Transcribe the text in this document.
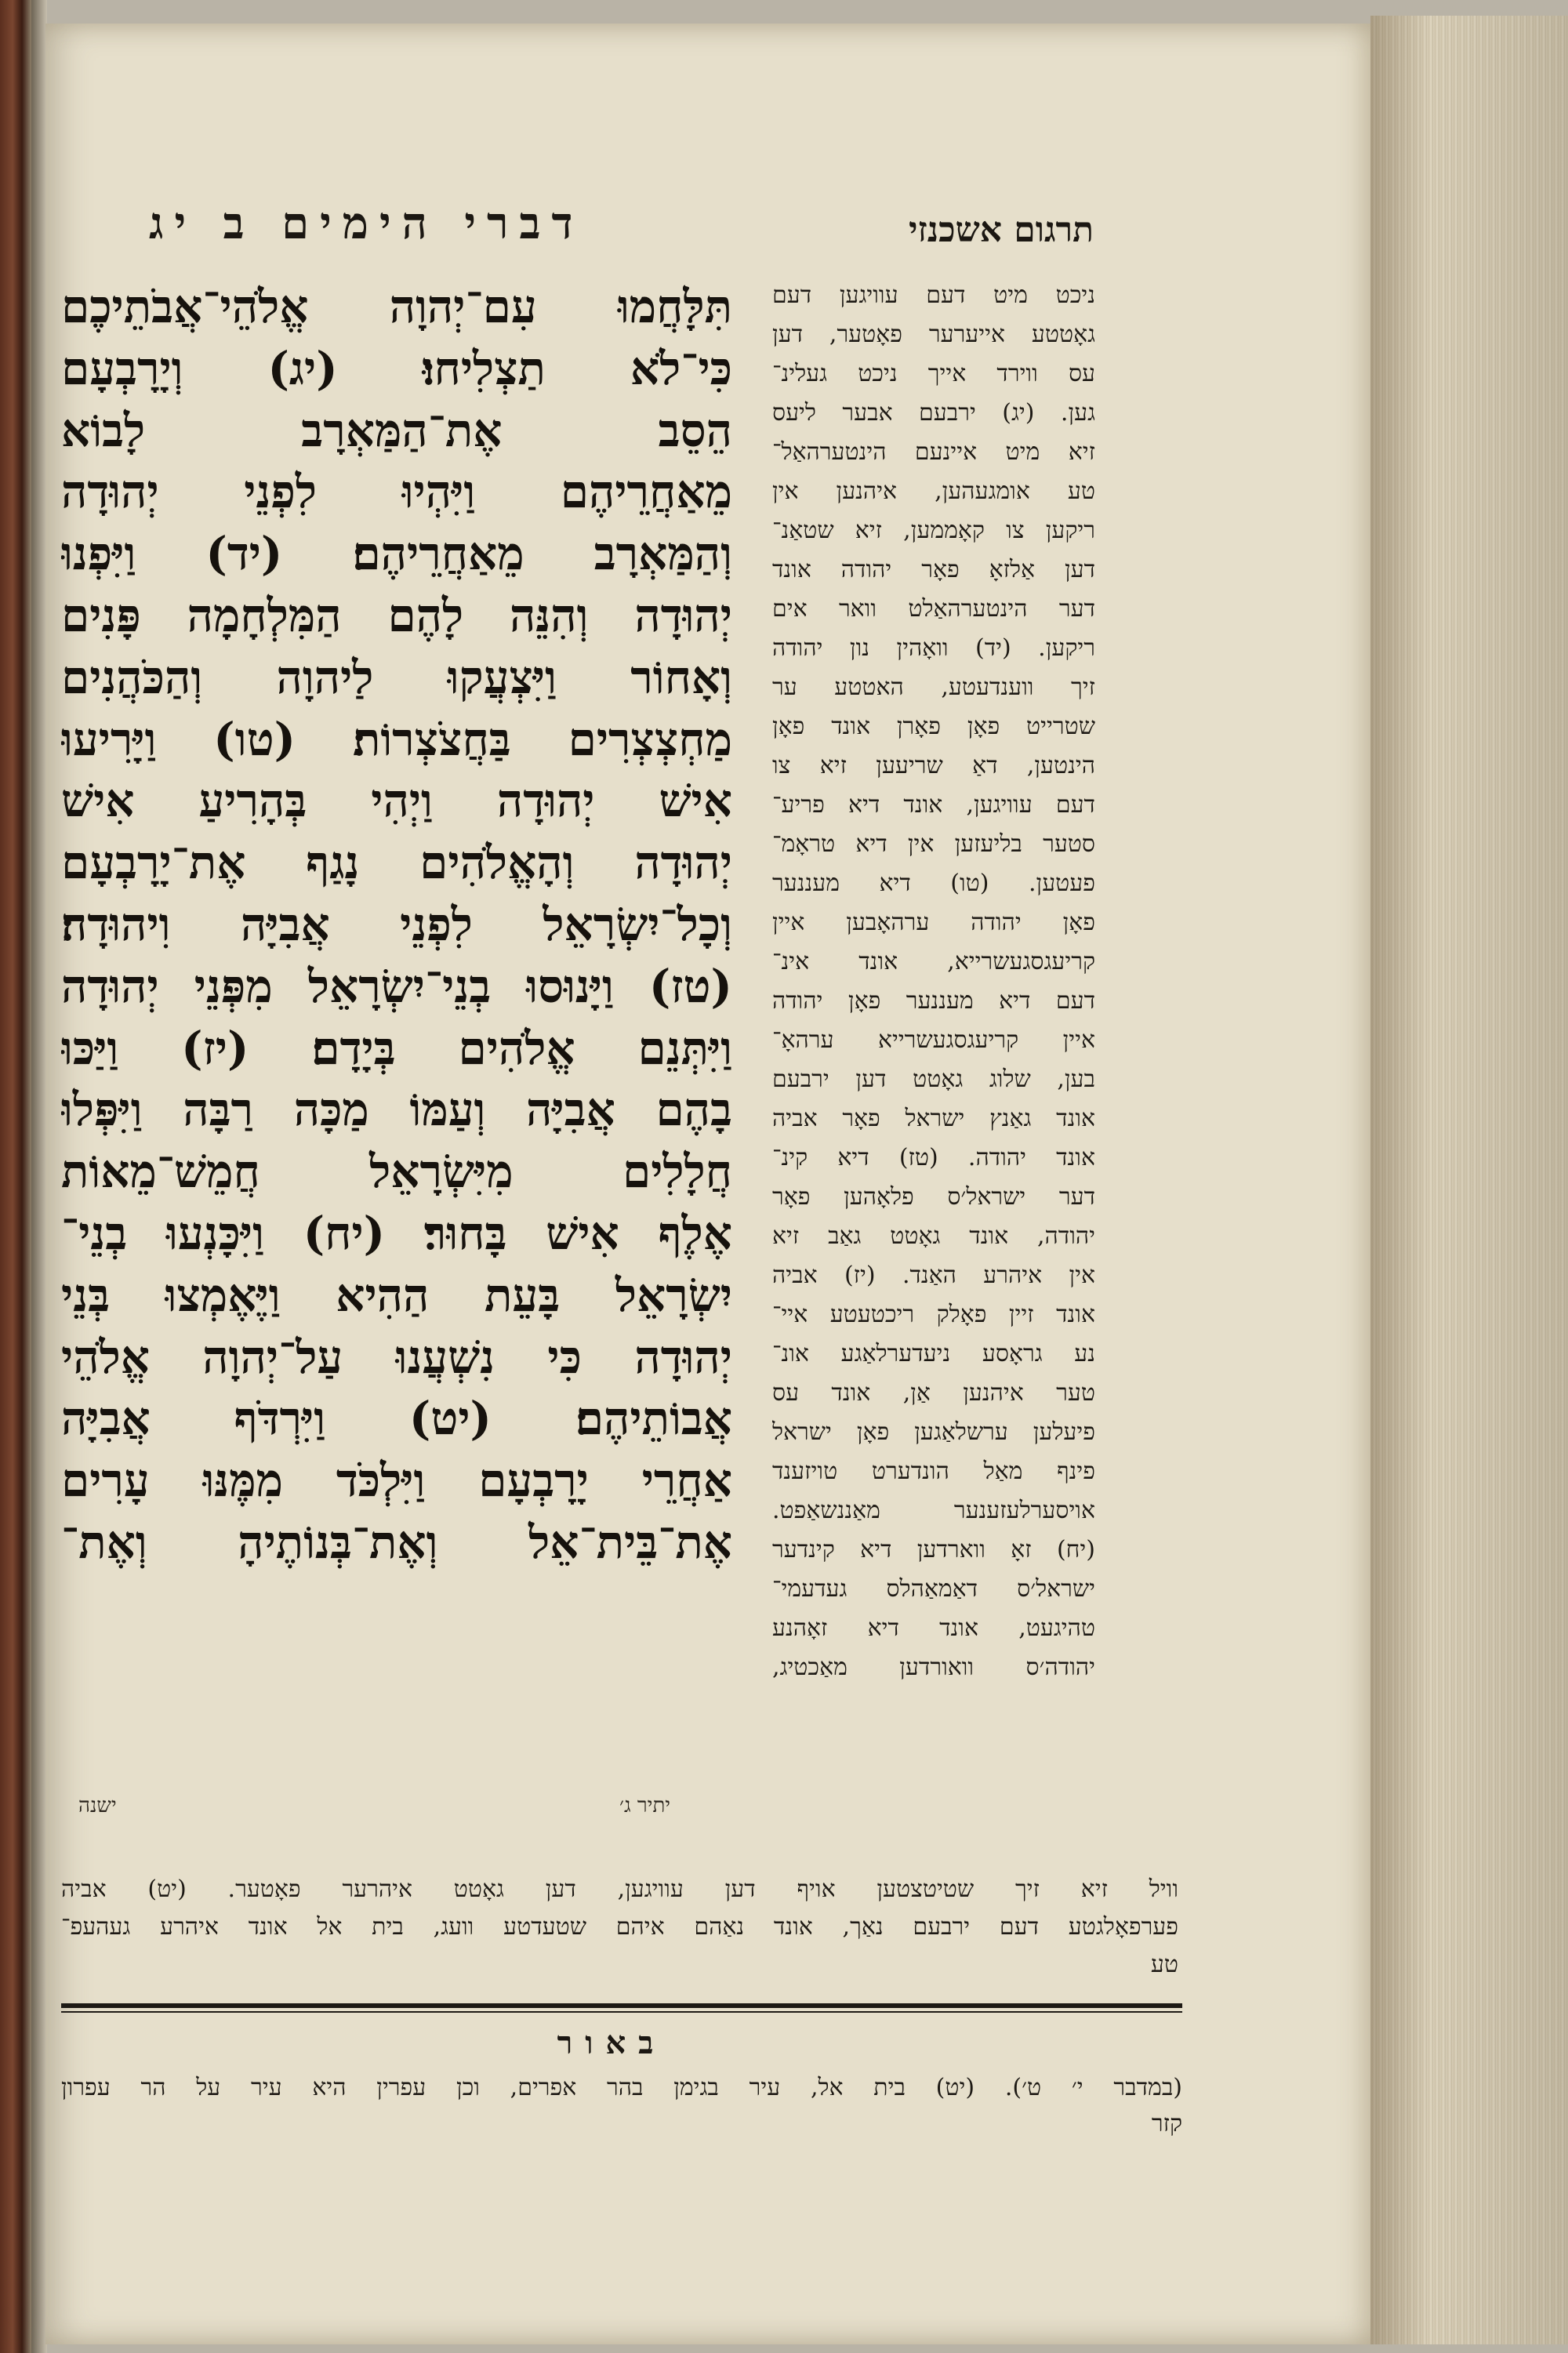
דברי הימים ב יג	תרגום אשכנזי
תִּלָּחֲמוּ עִם־יְהוָה אֱלֹהֵי־אֲבֹתֵיכֶם
כִּי־לֹא תַצְלִיחוּ׃ (יג) וְיָרָבְעָם
הֵסֵב אֶת־הַמַּאְרָב לָבוֹא
מֵאַחֲרֵיהֶם וַיִּהְיוּ לִפְנֵי יְהוּדָה
וְהַמַּאְרָב מֵאַחֲרֵיהֶם׃ (יד) וַיִּפְנוּ
יְהוּדָה וְהִנֵּה לָהֶם הַמִּלְחָמָה פָּנִים
וְאָחוֹר וַיִּצְעֲקוּ לַיהוָה וְהַכֹּהֲנִים
מַחְצְצְרִים בַּחֲצֹצְרוֹת׃ (טו) וַיָּרִיעוּ
אִישׁ יְהוּדָה וַיְהִי בְּהָרִיעַ אִישׁ
יְהוּדָה וְהָאֱלֹהִים נָגַף אֶת־יָרָבְעָם
וְכָל־יִשְׂרָאֵל לִפְנֵי אֲבִיָּה וִיהוּדָה׃
(טז) וַיָּנוּסוּ בְנֵי־יִשְׂרָאֵל מִפְּנֵי יְהוּדָה
וַיִּתְּנֵם אֱלֹהִים בְּיָדָם׃ (יז) וַיַּכּוּ
בָהֶם אֲבִיָּה וְעַמּוֹ מַכָּה רַבָּה וַיִּפְּלוּ
חֲלָלִים מִיִּשְׂרָאֵל חֲמֵשׁ־מֵאוֹת
אֶלֶף אִישׁ בָּחוּר׃ (יח) וַיִּכָּנְעוּ בְנֵי־
יִשְׂרָאֵל בָּעֵת הַהִיא וַיֶּאֶמְצוּ בְּנֵי
יְהוּדָה כִּי נִשְׁעֲנוּ עַל־יְהוָה אֱלֹהֵי
אֲבוֹתֵיהֶם׃ (יט) וַיִּרְדֹּף אֲבִיָּה
אַחֲרֵי יָרָבְעָם וַיִּלְכֹּד מִמֶּנּוּ עָרִים
אֶת־בֵּית־אֵל וְאֶת־בְּנוֹתֶיהָ וְאֶת־
ישנה	יתיר ג׳
ניכט מיט דעם עוויגען דעם
גאָטטע אייערער פאָטער, דען
עס ווירד אייך ניכט געלינ־
גען. (יג) ירבעם אבער ליעס
זיא מיט איינעם הינטערהאַל־
טע אומגעהען, איהנען אין
ריקען צו קאָממען, זיא שטאַנ־
דען אַלזאָ פאָר יהודה אונד
דער הינטערהאַלט וואר אים
ריקען. (יד) וואָהין נון יהודה
זיך ווענדעטע, האטטע ער
שטרייט פאָן פאָרן אונד פאָן
הינטען, דאַ שריעען זיא צו
דעם עוויגען, אונד דיא פריע־
סטער בליעזען אין דיא טראָמ־
פעטען. (טו) דיא מעננער
פאָן יהודה ערהאָבען איין
קריעגסגעשרייא, אונד אינ־
דעם דיא מעננער פאָן יהודה
איין קריעגסגעשרייא ערהאָ־
בען, שלוג גאָטט דען ירבעם
אונד גאַנץ ישראל פאָר אביה
אונד יהודה. (טז) דיא קינ־
דער ישראל׳ס פלאָהען פאָר
יהודה, אונד גאָטט גאַב זיא
אין איהרע האַנד. (יז) אביה
אונד זיין פאָלק ריכטעטע איי־
נע גראָסע ניעדערלאַגע אונ־
טער איהנען אַן, אונד עס
פיעלען ערשלאַגען פאָן ישראל
פינף מאַל הונדערט טויזענד
אויסערלעזענער מאַננשאַפט.
(יח) זאָ ווארדען דיא קינדער
ישראל׳ס דאַמאַהלס געדעמי־
טהיגעט, אונד דיא זאָהנע
יהודה׳ס וואורדען מאַכטיג,
וויל זיא זיך שטיטצטען אויף דען עוויגען, דען גאָטט איהרער פאָטער. (יט) אביה
פערפאָלגטע דעם ירבעם נאַך, אונד נאַהם איהם שטעדטע וועג, בית אל אונד איהרע געהעפ־
טע
באור
(במדבר י׳ ט׳). (יט) בית אל, עיר בגימן בהר אפרים, וכן עפרין היא עיר על הר עפרון
קזר
